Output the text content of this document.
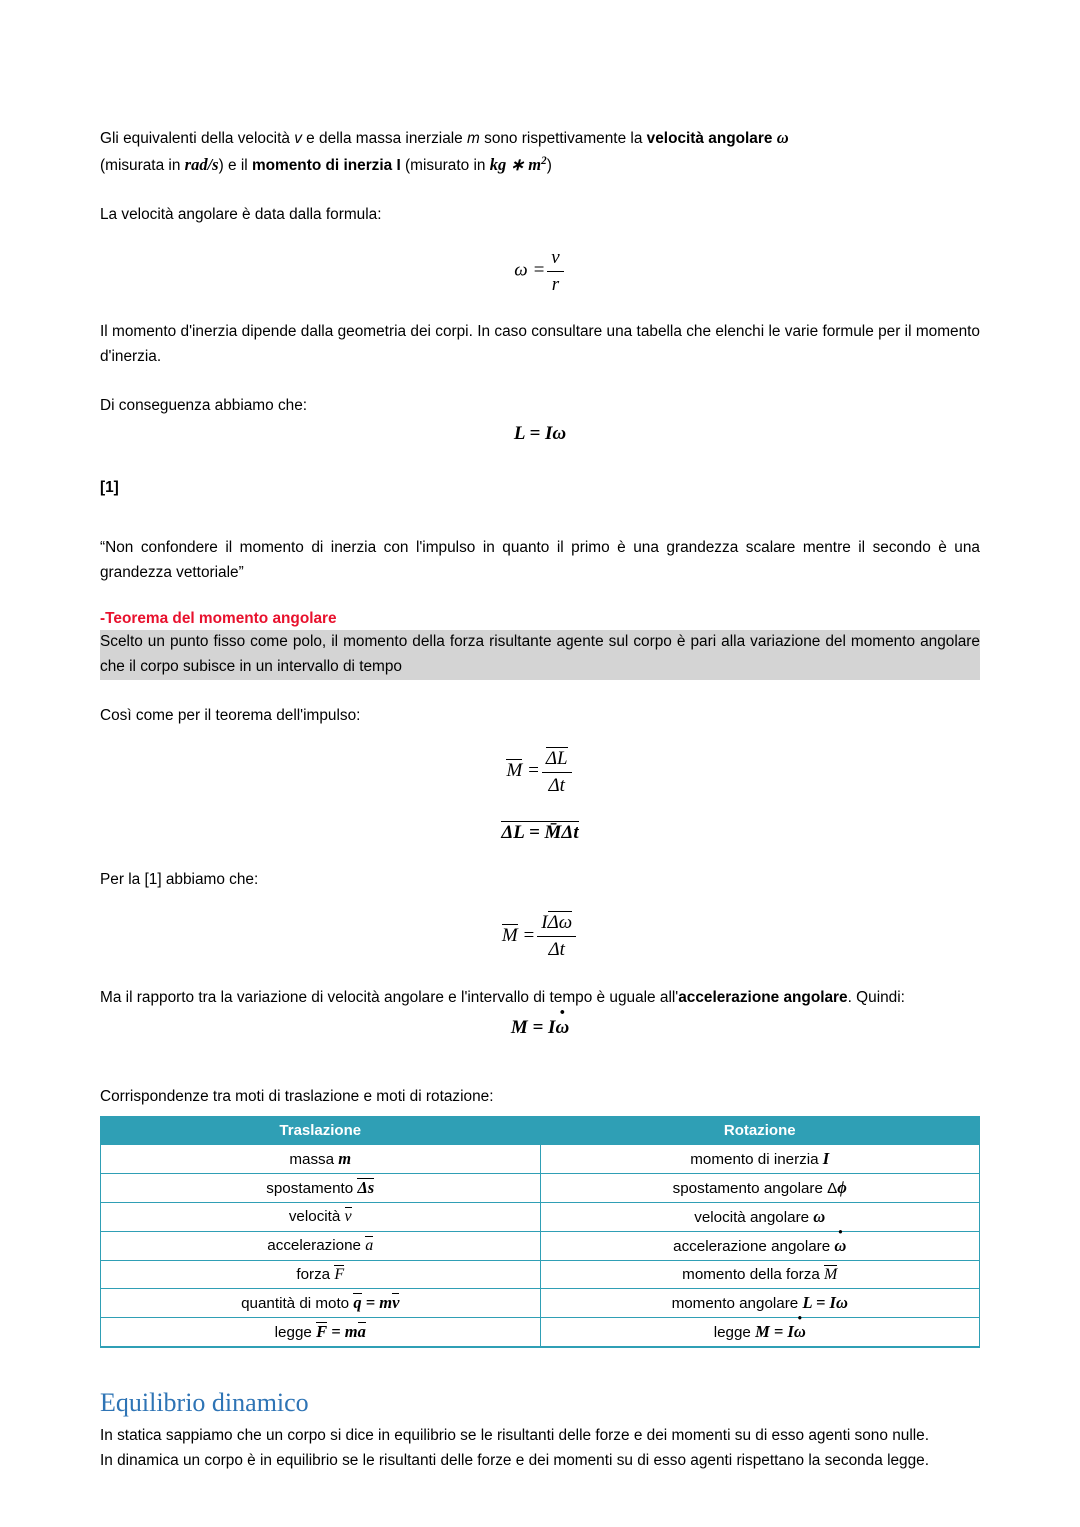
Gli equivalenti della velocità v e della massa inerziale m sono rispettivamente la velocità angolare ω
(misurata in rad/s) e il momento di inerzia I (misurato in kg ∗ $m^2$)

La velocità angolare è data dalla formula:

$\omega = \frac{v}{r}$

Il momento d'inerzia dipende dalla geometria dei corpi. In caso consultare una tabella che elenchi le varie formule per il momento d'inerzia.

Di conseguenza abbiamo che:

L = Iω

[1]

“Non confondere il momento di inerzia con l'impulso in quanto il primo è una grandezza scalare mentre il secondo è una grandezza vettoriale”

-Teorema del momento angolare

Scelto un punto fisso come polo, il momento della forza risultante agente sul corpo è pari alla variazione del momento angolare che il corpo subisce in un intervallo di tempo

Così come per il teorema dell'impulso:

$M = \frac{\Delta L}{\Delta t}$
ΔL = M̄Δt

Per la [1] abbiamo che:

$M = \frac{\text{IΔω}}{\Delta t}$

Ma il rapporto tra la variazione di velocità angolare e l'intervallo di tempo è uguale all'accelerazione angolare. Quindi:

M = Iω ·

Corrispondenze tra moti di traslazione e moti di rotazione:

Traslazione	Rotazione
massa m	momento di inerzia I
spostamento Δs	spostamento angolare Δϕ
velocità v	velocità angolare ω
accelerazione a	accelerazione angolare ω ·
forza F	momento della forza M
quantità di moto q = mv	momento angolare L = Iω
legge F = ma	legge M = Iω ·
Equilibrio dinamico

In statica sappiamo che un corpo si dice in equilibrio se le risultanti delle forze e dei momenti su di esso agenti sono nulle.

In dinamica un corpo è in equilibrio se le risultanti delle forze e dei momenti su di esso agenti rispettano la seconda legge.
